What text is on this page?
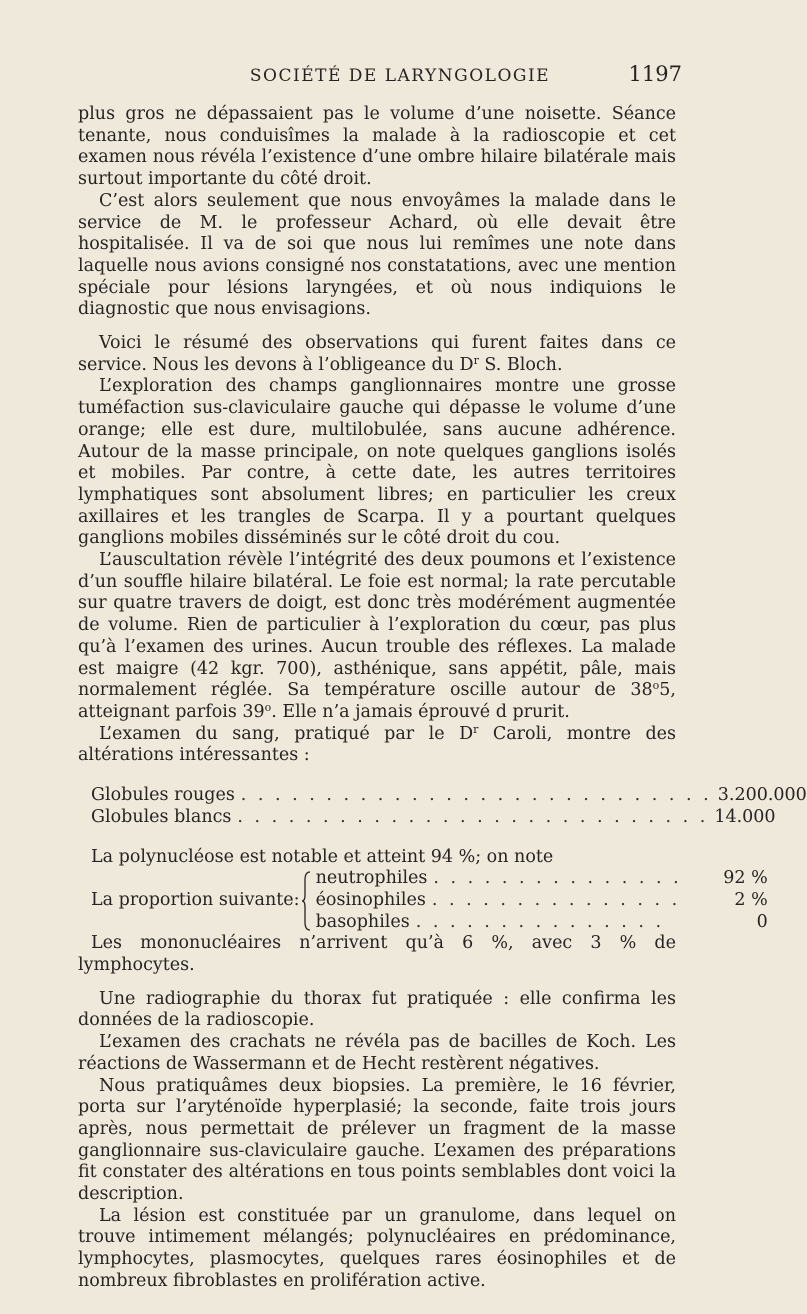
SOCIÉTÉ DE LARYNGOLOGIE	1197

plus gros ne dépassaient pas le volume d’une noisette. Séance tenante, nous conduisîmes la malade à la radioscopie et cet examen nous révéla l’existence d’une ombre hilaire bilatérale mais surtout importante du côté droit.

C’est alors seulement que nous envoyâmes la malade dans le service de M. le professeur Achard, où elle devait être hospitalisée. Il va de soi que nous lui remîmes une note dans laquelle nous avions consigné nos constatations, avec une mention spéciale pour lésions laryngées, et où nous indiquions le diagnostic que nous envisagions.

Voici le résumé des observations qui furent faites dans ce service. Nous les devons à l’obligeance du $D^r$ S. Bloch.

L’exploration des champs ganglionnaires montre une grosse tuméfaction sus-claviculaire gauche qui dépasse le volume d’une orange; elle est dure, multilobulée, sans aucune adhérence. Autour de la masse principale, on note quelques ganglions isolés et mobiles. Par contre, à cette date, les autres territoires lymphatiques sont absolument libres; en particulier les creux axillaires et les trangles de Scarpa. Il y a pourtant quelques ganglions mobiles disséminés sur le côté droit du cou.

L’auscultation révèle l’intégrité des deux poumons et l’existence d’un souffle hilaire bilatéral. Le foie est normal; la rate percutable sur quatre travers de doigt, est donc très modérément augmentée de volume. Rien de particulier à l’exploration du cœur, pas plus qu’à l’examen des urines. Aucun trouble des réflexes. La malade est maigre (42 kgr. 700), asthénique, sans appétit, pâle, mais normalement réglée. Sa température oscille autour de 38$^o$5, atteignant parfois 39$^o$. Elle n’a jamais éprouvé d prurit.

L’examen du sang, pratiqué par le $D^r$ Caroli, montre des altérations intéressantes :

Globules rouges . . . . . . . . . . . . . . . . . . . . . . . . . . . . 3.200.000
Globules blancs . . . . . . . . . . . . . . . . . . . . . . . . . . . . 14.000

La polynucléose est notable et atteint 94 %; on note

La proportion suivante:
neutrophiles . . . . . . . . . . . . . . .	92 %
éosinophiles . . . . . . . . . . . . . . .	2 %
basophiles . . . . . . . . . . . . . . .	0

Les mononucléaires n’arrivent qu’à 6 %, avec 3 % de lymphocytes.

Une radiographie du thorax fut pratiquée : elle confirma les données de la radioscopie.

L’examen des crachats ne révéla pas de bacilles de Koch. Les réactions de Wassermann et de Hecht restèrent négatives.

Nous pratiquâmes deux biopsies. La première, le 16 février, porta sur l’aryténoïde hyperplasié; la seconde, faite trois jours après, nous permettait de prélever un fragment de la masse ganglionnaire sus-claviculaire gauche. L’examen des préparations fit constater des altérations en tous points semblables dont voici la description.

La lésion est constituée par un granulome, dans lequel on trouve intimement mélangés; polynucléaires en prédominance, lymphocytes, plasmocytes, quelques rares éosinophiles et de nombreux fibroblastes en prolifération active.
